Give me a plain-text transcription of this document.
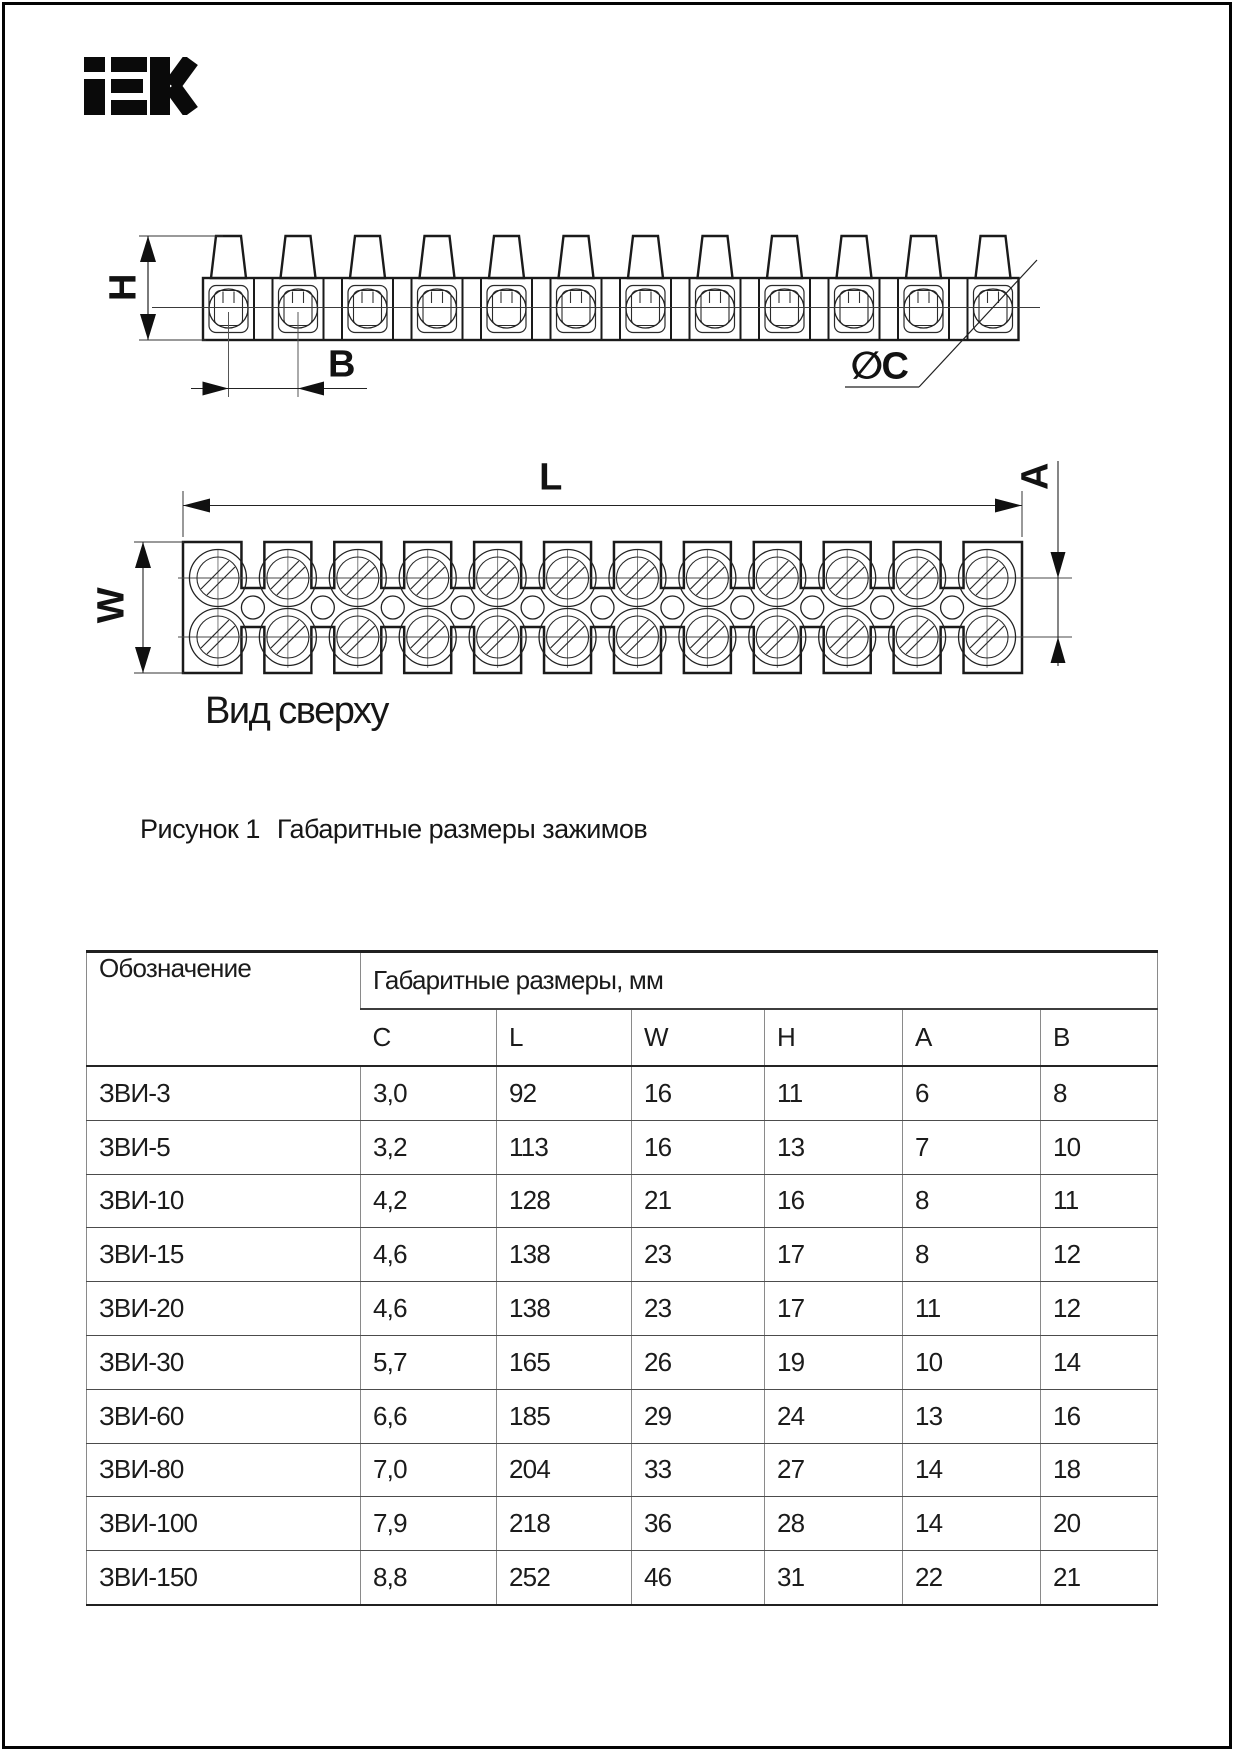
H
B	∅C
L	A
W
Вид сверху
Рисунок 1 Габаритные размеры зажимов
Обозначение	Габаритные размеры, мм					
	C	L	W	H	A	B
ЗВИ-3	3,0	92	16	11	6	8
ЗВИ-5	3,2	113	16	13	7	10
ЗВИ-10	4,2	128	21	16	8	11
ЗВИ-15	4,6	138	23	17	8	12
ЗВИ-20	4,6	138	23	17	11	12
ЗВИ-30	5,7	165	26	19	10	14
ЗВИ-60	6,6	185	29	24	13	16
ЗВИ-80	7,0	204	33	27	14	18
ЗВИ-100	7,9	218	36	28	14	20
ЗВИ-150	8,8	252	46	31	22	21
